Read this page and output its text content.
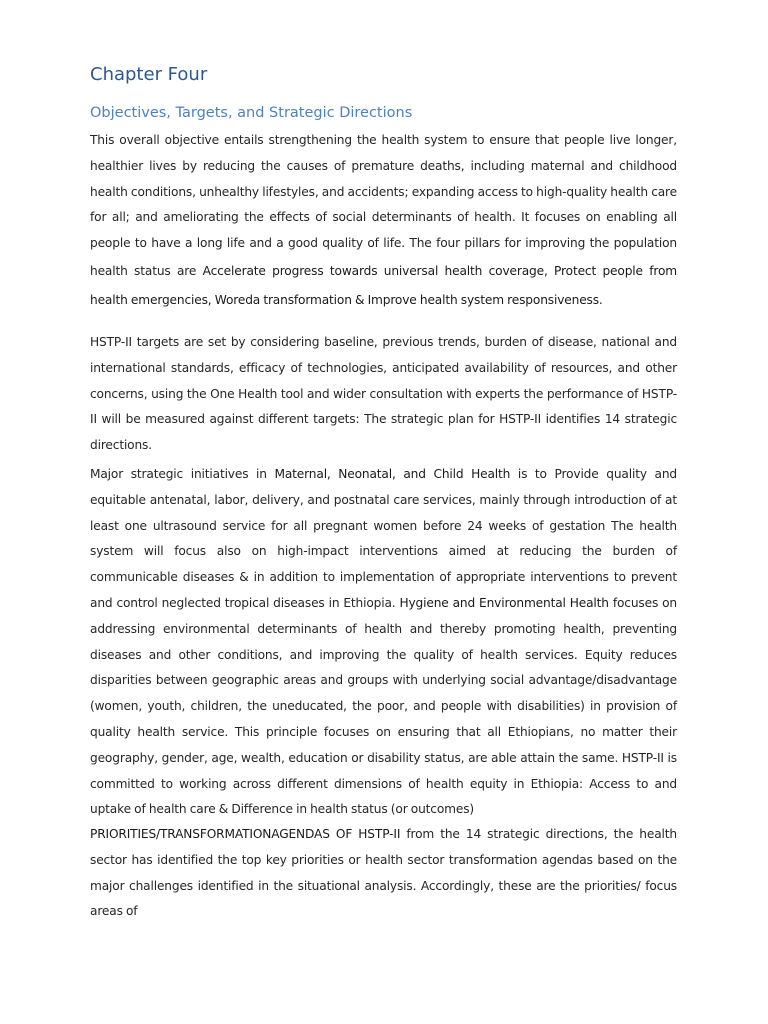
Chapter Four
Objectives, Targets, and Strategic Directions

This overall objective entails strengthening the health system to ensure that people live longer, healthier lives by reducing the causes of premature deaths, including maternal and childhood health conditions, unhealthy lifestyles, and accidents; expanding access to high-quality health care for all; and ameliorating the effects of social determinants of health. It focuses on enabling all people to have a long life and a good quality of life. The four pillars for improving the population health status are Accelerate progress towards universal health coverage, Protect people from health emergencies, Woreda transformation & Improve health system responsiveness.

HSTP-II targets are set by considering baseline, previous trends, burden of disease, national and international standards, efficacy of technologies, anticipated availability of resources, and other concerns, using the One Health tool and wider consultation with experts the performance of HSTP-II will be measured against different targets: The strategic plan for HSTP-II identifies 14 strategic directions.

Major strategic initiatives in Maternal, Neonatal, and Child Health is to Provide quality and equitable antenatal, labor, delivery, and postnatal care services, mainly through introduction of at least one ultrasound service for all pregnant women before 24 weeks of gestation The health system will focus also on high-impact interventions aimed at reducing the burden of communicable diseases & in addition to implementation of appropriate interventions to prevent and control neglected tropical diseases in Ethiopia. Hygiene and Environmental Health focuses on addressing environmental determinants of health and thereby promoting health, preventing diseases and other conditions, and improving the quality of health services. Equity reduces disparities between geographic areas and groups with underlying social advantage/disadvantage (women, youth, children, the uneducated, the poor, and people with disabilities) in provision of quality health service. This principle focuses on ensuring that all Ethiopians, no matter their geography, gender, age, wealth, education or disability status, are able attain the same. HSTP-II is committed to working across different dimensions of health equity in Ethiopia: Access to and uptake of health care & Difference in health status (or outcomes)

PRIORITIES/TRANSFORMATIONAGENDAS OF HSTP-II from the 14 strategic directions, the health sector has identified the top key priorities or health sector transformation agendas based on the major challenges identified in the situational analysis. Accordingly, these are the priorities/ focus areas of
